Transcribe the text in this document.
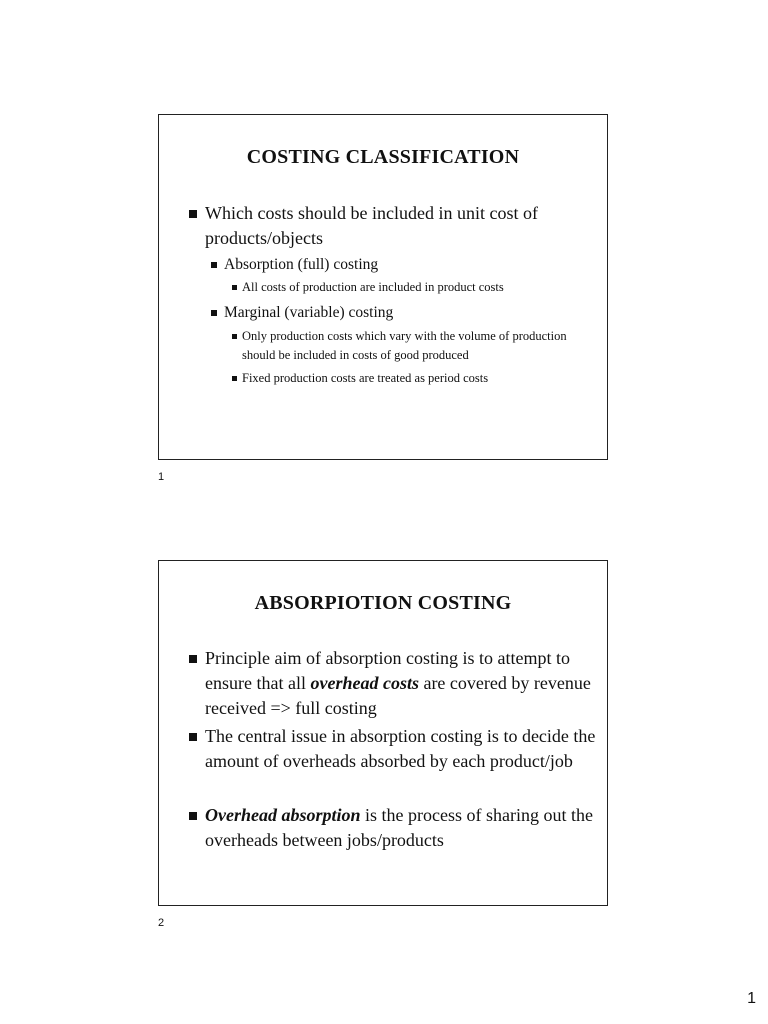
COSTING CLASSIFICATION
Which costs should be included in unit cost of products/objects
Absorption (full) costing
All costs of production are included in product costs
Marginal (variable) costing
Only production costs which vary with the volume of production should be included in costs of good produced
Fixed production costs are treated as period costs
1
ABSORPIOTION COSTING
Principle aim of absorption costing is to attempt to ensure that all overhead costs are covered by revenue received => full costing
The central issue in absorption costing is to decide the amount of overheads absorbed by each product/job
Overhead absorption is the process of sharing out the overheads between jobs/products
2
1
